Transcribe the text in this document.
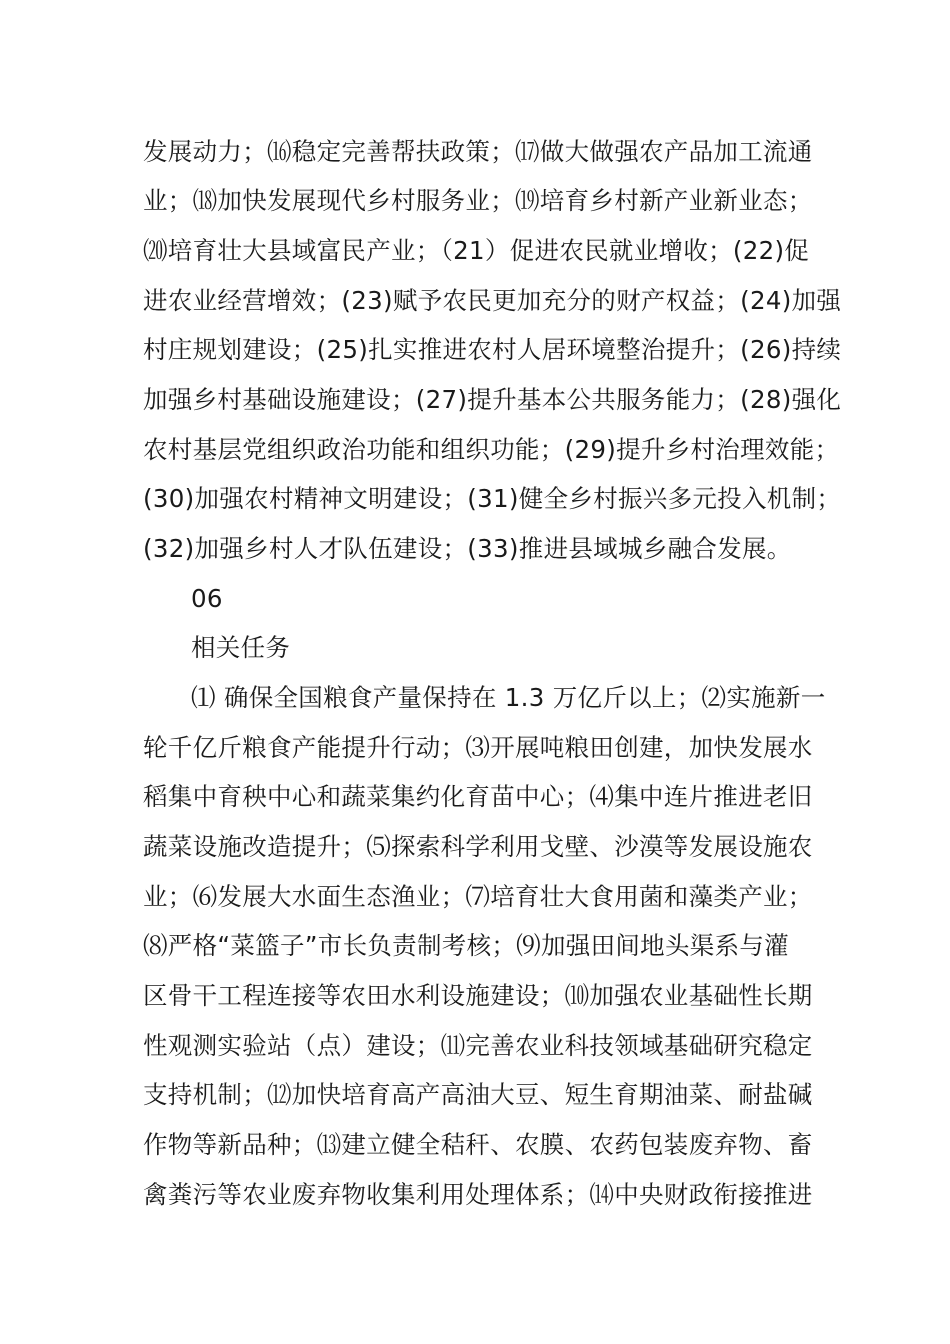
发展动力；⒃稳定完善帮扶政策；⒄做大做强农产品加工流通
业；⒅加快发展现代乡村服务业；⒆培育乡村新产业新业态；
⒇培育壮大县域富民产业；（21）促进农民就业增收；(22)促
进农业经营增效；(23)赋予农民更加充分的财产权益；(24)加强
村庄规划建设；(25)扎实推进农村人居环境整治提升；(26)持续
加强乡村基础设施建设；(27)提升基本公共服务能力；(28)强化
农村基层党组织政治功能和组织功能；(29)提升乡村治理效能；
(30)加强农村精神文明建设；(31)健全乡村振兴多元投入机制；
(32)加强乡村人才队伍建设；(33)推进县域城乡融合发展。
06
相关任务
⑴ 确保全国粮食产量保持在 1.3 万亿斤以上；⑵实施新一
轮千亿斤粮食产能提升行动；⑶开展吨粮田创建，加快发展水
稻集中育秧中心和蔬菜集约化育苗中心；⑷集中连片推进老旧
蔬菜设施改造提升；⑸探索科学利用戈壁、沙漠等发展设施农
业；⑹发展大水面生态渔业；⑺培育壮大食用菌和藻类产业；
⑻严格“菜篮子”市长负责制考核；⑼加强田间地头渠系与灌
区骨干工程连接等农田水利设施建设；⑽加强农业基础性长期
性观测实验站（点）建设；⑾完善农业科技领域基础研究稳定
支持机制；⑿加快培育高产高油大豆、短生育期油菜、耐盐碱
作物等新品种；⒀建立健全秸秆、农膜、农药包装废弃物、畜
禽粪污等农业废弃物收集利用处理体系；⒁中央财政衔接推进
